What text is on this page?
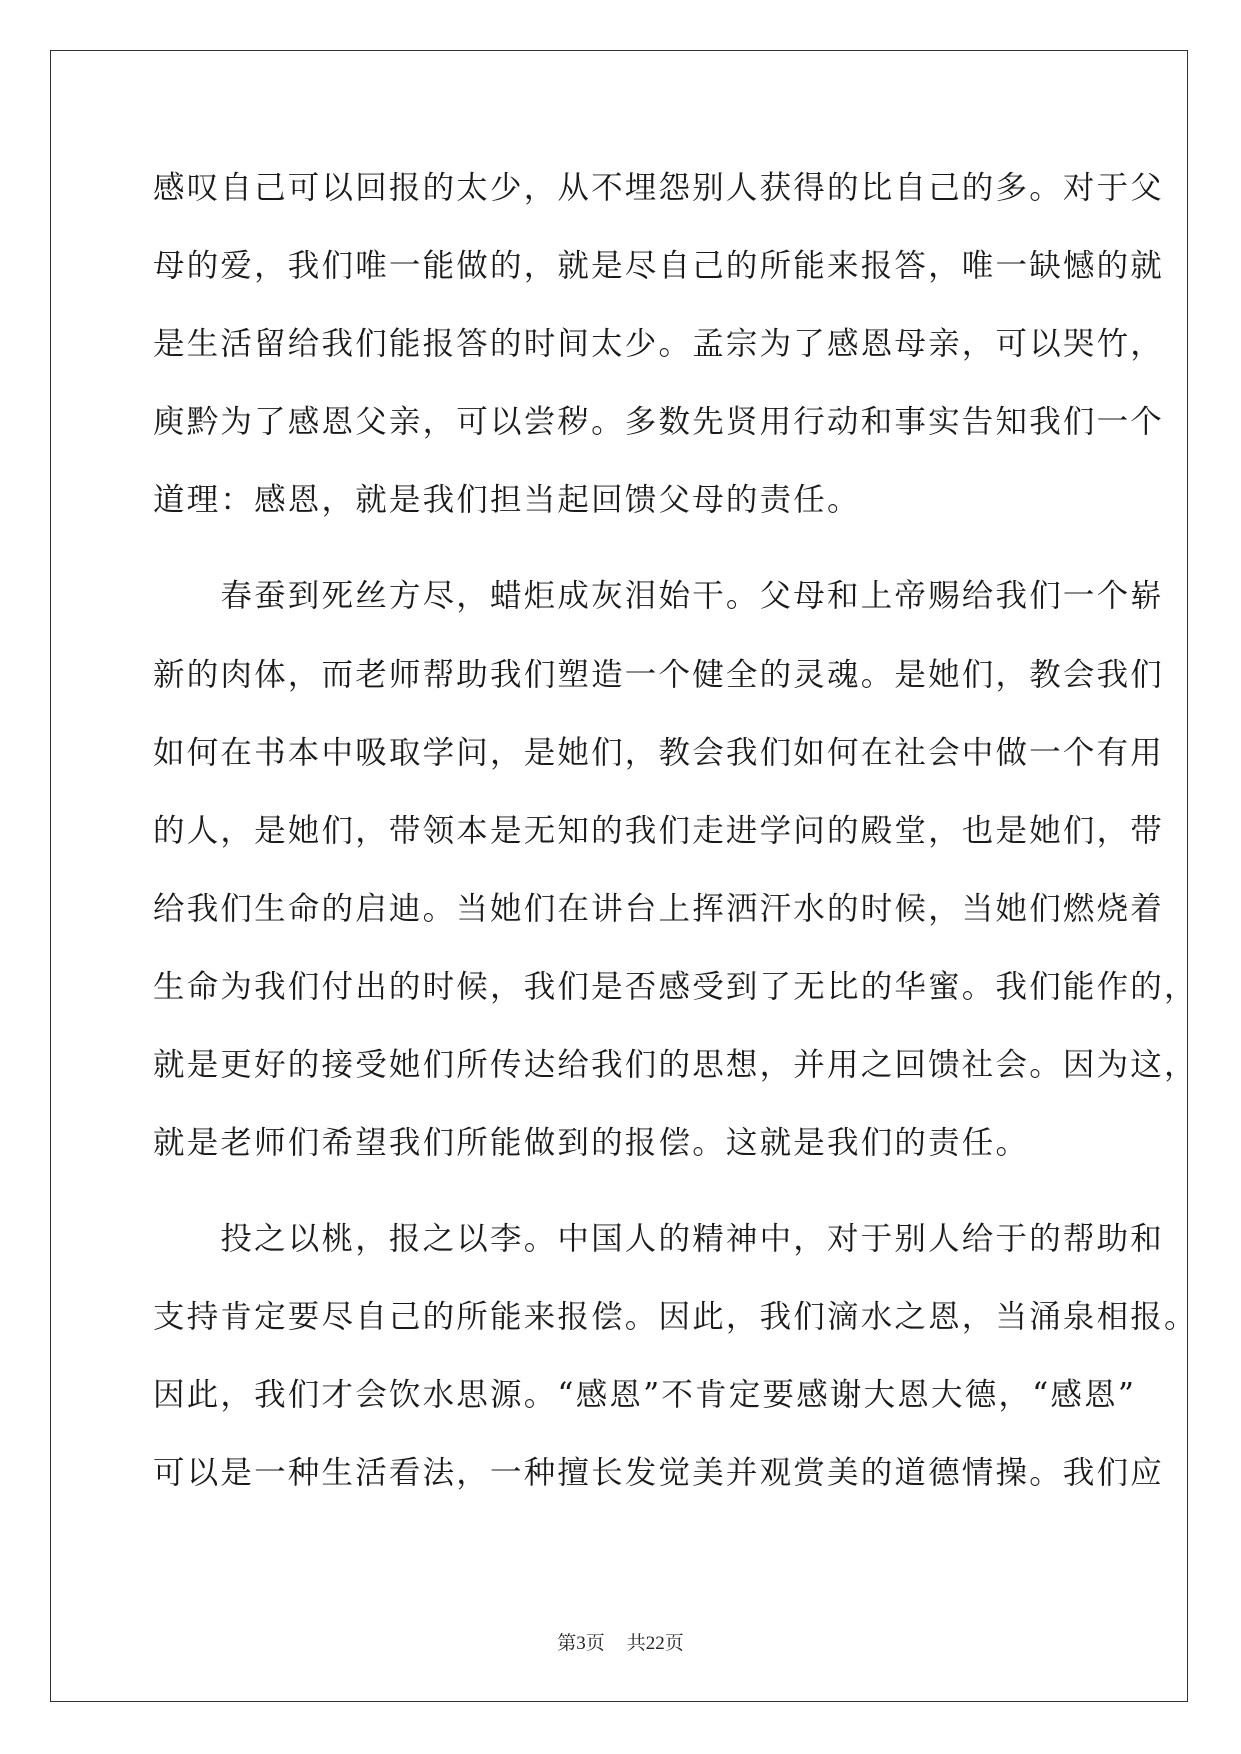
感叹自己可以回报的太少，从不埋怨别人获得的比自己的多。对于父
母的爱，我们唯一能做的，就是尽自己的所能来报答，唯一缺憾的就
是生活留给我们能报答的时间太少。孟宗为了感恩母亲，可以哭竹，
庾黔为了感恩父亲，可以尝秽。多数先贤用行动和事实告知我们一个
道理：感恩，就是我们担当起回馈父母的责任。
　　春蚕到死丝方尽，蜡炬成灰泪始干。父母和上帝赐给我们一个崭
新的肉体，而老师帮助我们塑造一个健全的灵魂。是她们，教会我们
如何在书本中吸取学问，是她们，教会我们如何在社会中做一个有用
的人，是她们，带领本是无知的我们走进学问的殿堂，也是她们，带
给我们生命的启迪。当她们在讲台上挥洒汗水的时候，当她们燃烧着
生命为我们付出的时候，我们是否感受到了无比的华蜜。我们能作的，
就是更好的接受她们所传达给我们的思想，并用之回馈社会。因为这，
就是老师们希望我们所能做到的报偿。这就是我们的责任。
　　投之以桃，报之以李。中国人的精神中，对于别人给于的帮助和
支持肯定要尽自己的所能来报偿。因此，我们滴水之恩，当涌泉相报。
因此，我们才会饮水思源。“感恩”不肯定要感谢大恩大德，“感恩”
可以是一种生活看法，一种擅长发觉美并观赏美的道德情操。我们应
第3页 共22页
